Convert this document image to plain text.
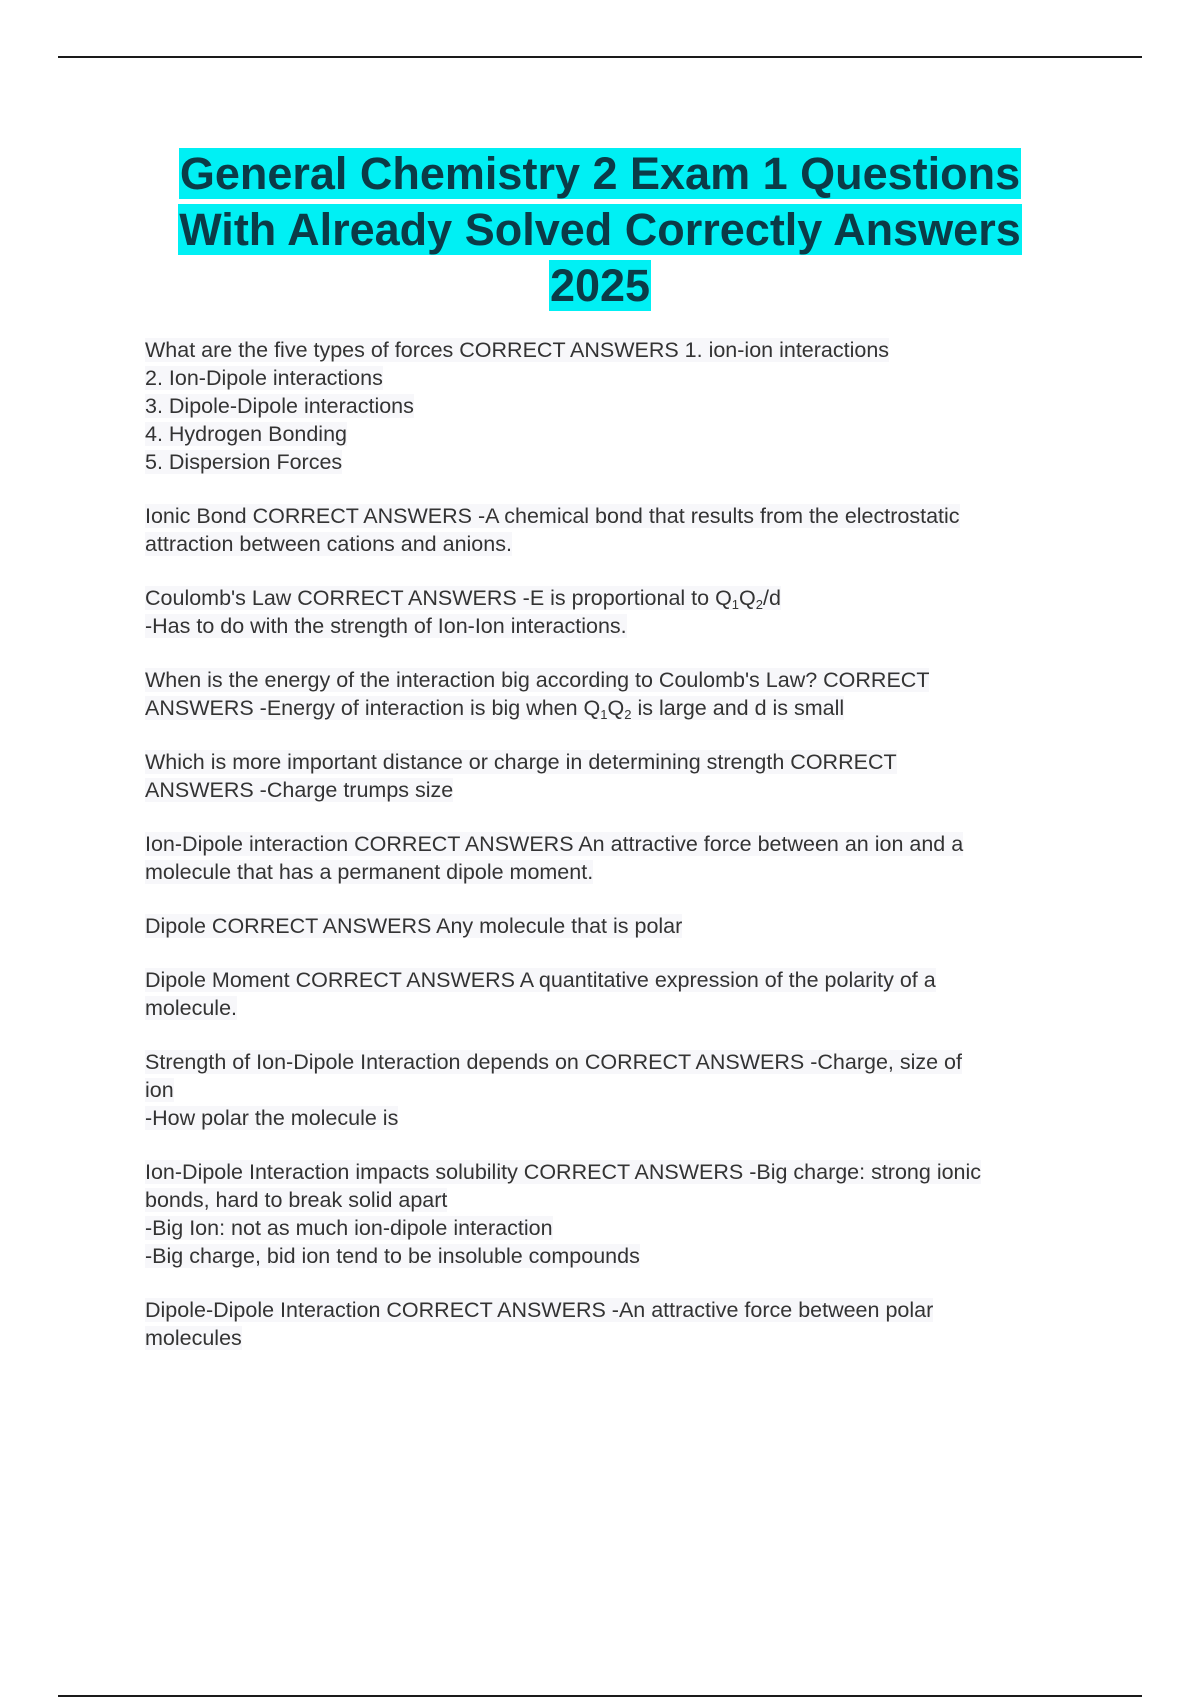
General Chemistry 2 Exam 1 Questions
With Already Solved Correctly Answers
2025
What are the five types of forces CORRECT ANSWERS 1. ion-ion interactions
2. Ion-Dipole interactions
3. Dipole-Dipole interactions
4. Hydrogen Bonding
5. Dispersion Forces
Ionic Bond CORRECT ANSWERS -A chemical bond that results from the electrostatic
attraction between cations and anions.
Coulomb's Law CORRECT ANSWERS -E is proportional to $Q_1Q_2/d$
-Has to do with the strength of Ion-Ion interactions.
When is the energy of the interaction big according to Coulomb's Law? CORRECT
ANSWERS -Energy of interaction is big when $Q_1Q_2$ is large and d is small
Which is more important distance or charge in determining strength CORRECT
ANSWERS -Charge trumps size
Ion-Dipole interaction CORRECT ANSWERS An attractive force between an ion and a
molecule that has a permanent dipole moment.
Dipole CORRECT ANSWERS Any molecule that is polar
Dipole Moment CORRECT ANSWERS A quantitative expression of the polarity of a
molecule.
Strength of Ion-Dipole Interaction depends on CORRECT ANSWERS -Charge, size of
ion
-How polar the molecule is
Ion-Dipole Interaction impacts solubility CORRECT ANSWERS -Big charge: strong ionic
bonds, hard to break solid apart
-Big Ion: not as much ion-dipole interaction
-Big charge, bid ion tend to be insoluble compounds
Dipole-Dipole Interaction CORRECT ANSWERS -An attractive force between polar
molecules
